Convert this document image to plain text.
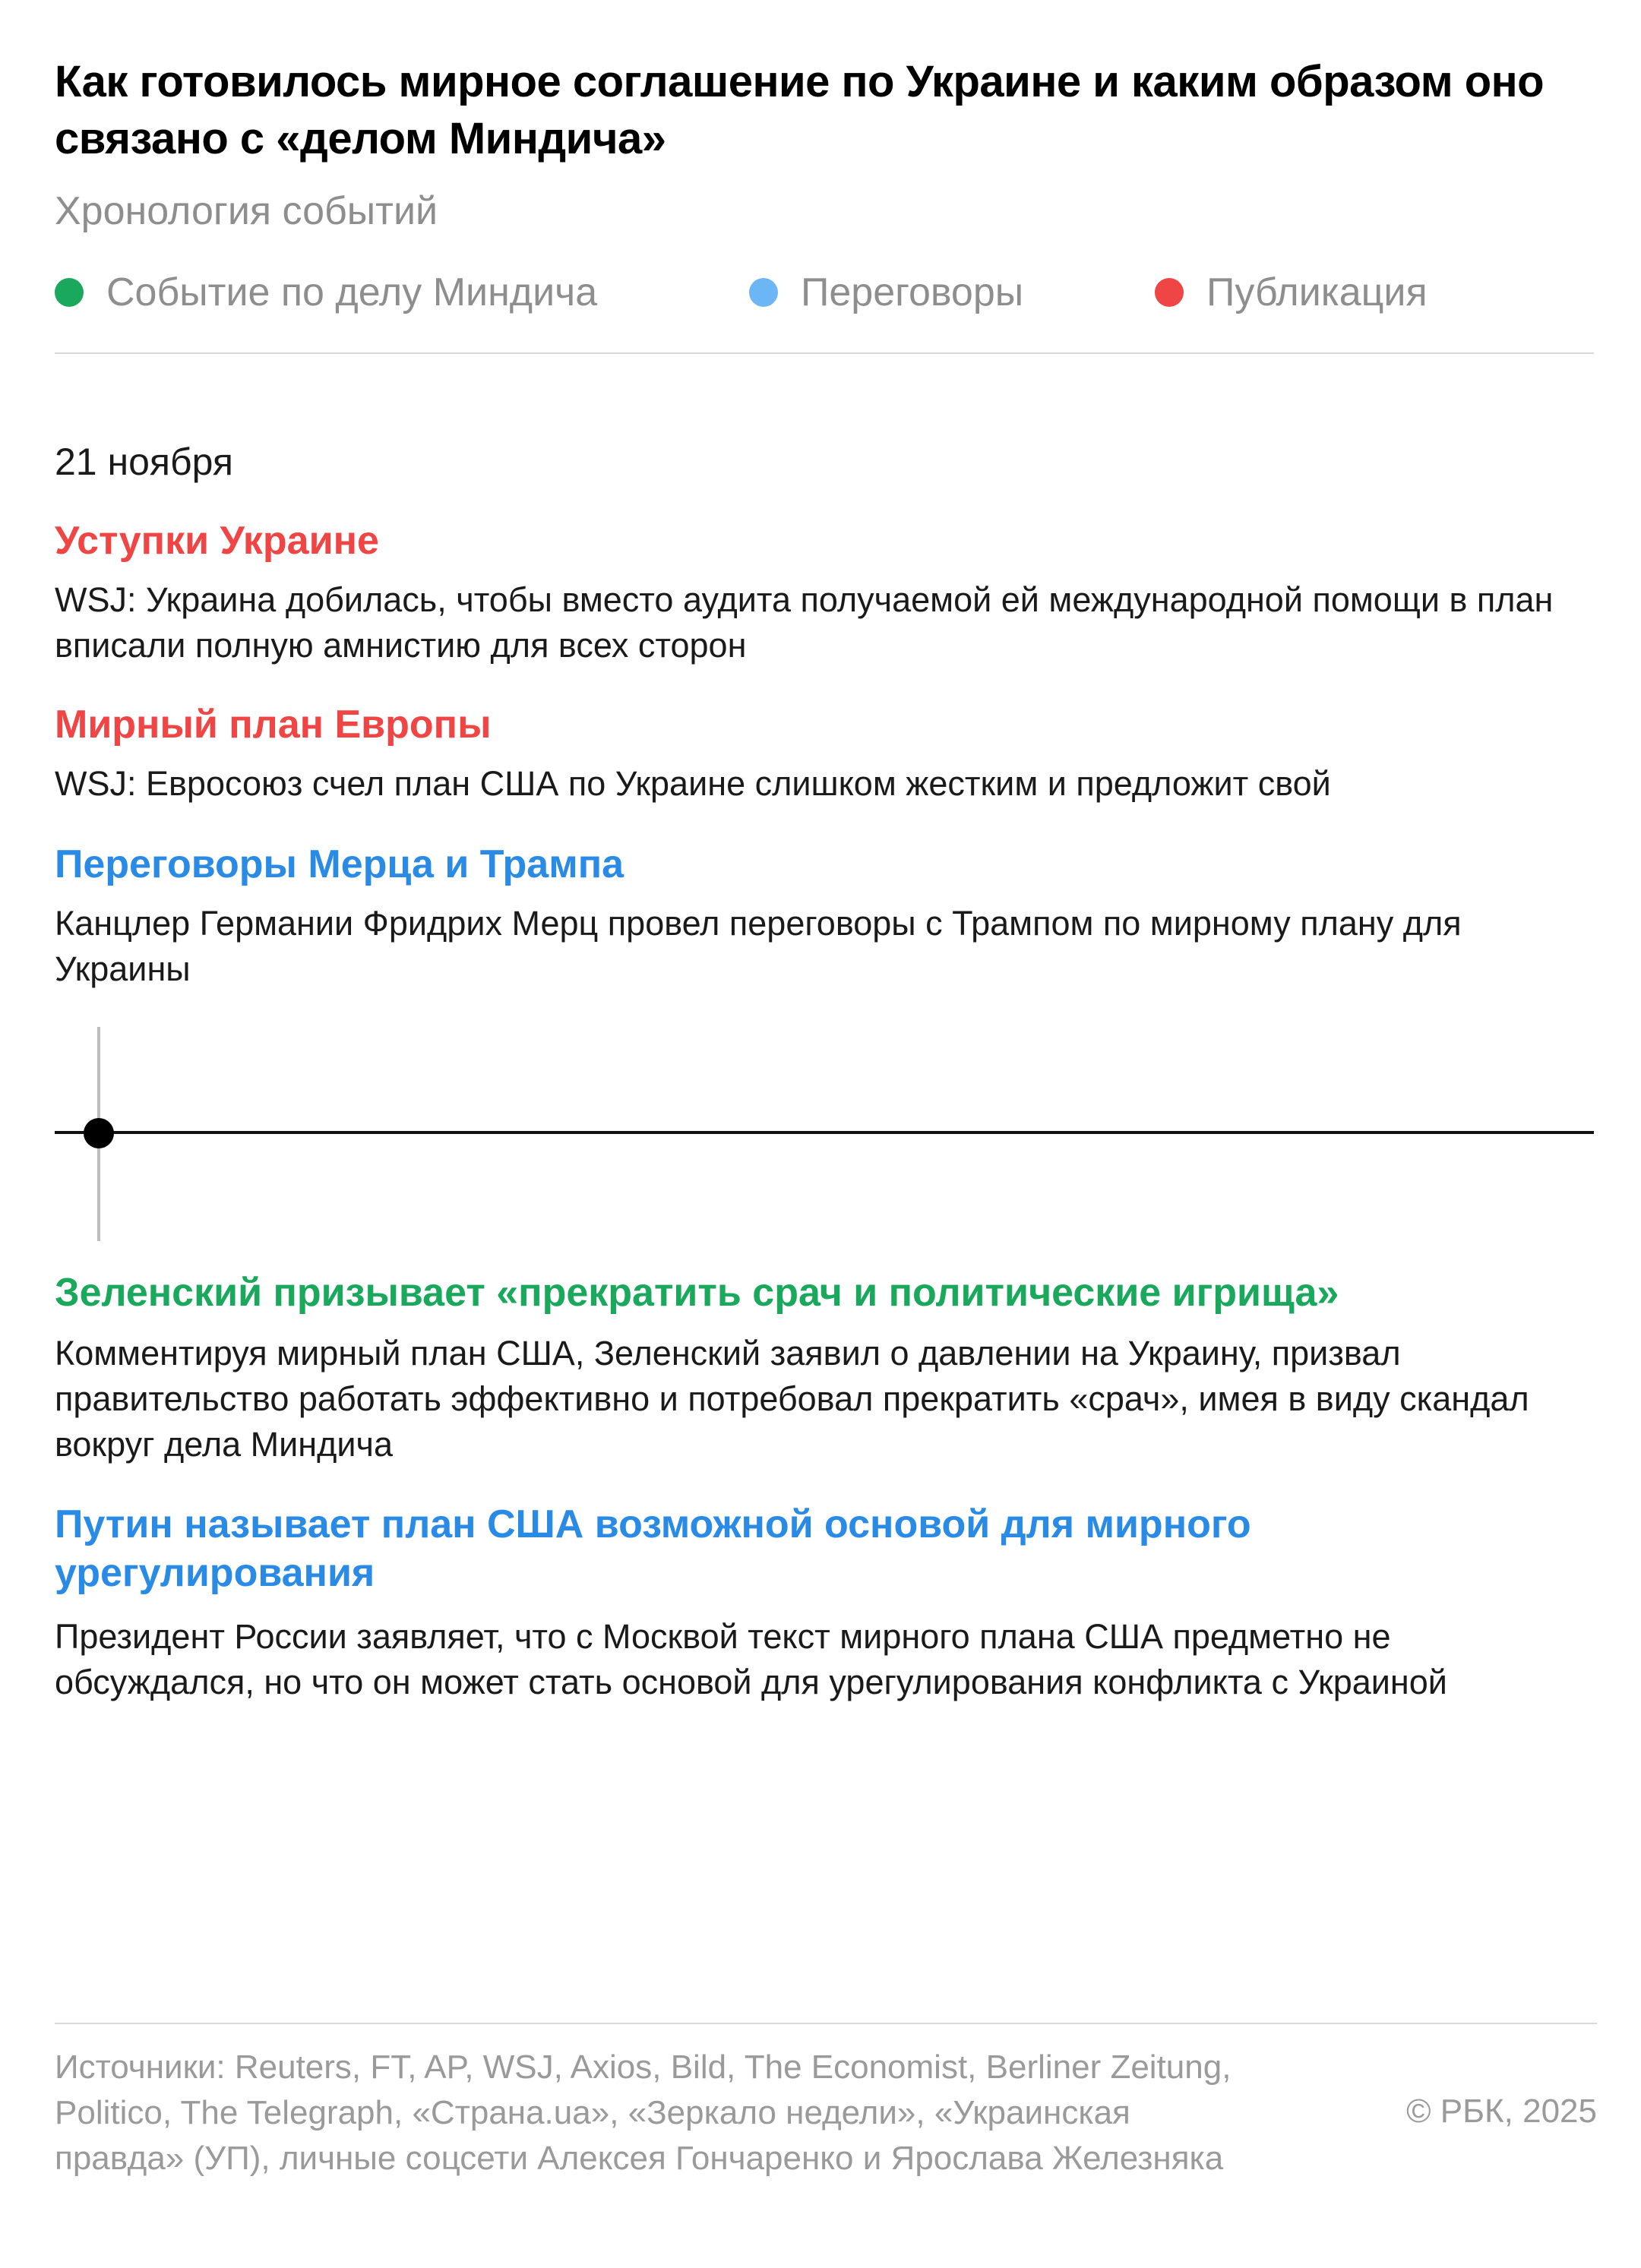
Как готовилось мирное соглашение по Украине и каким образом оно связано с «делом Миндича»
Хронология событий
Событие по делу Миндича	Переговоры	Публикация
21 ноября
Уступки Украине

WSJ: Украина добилась, чтобы вместо аудита получаемой ей международной помощи в план вписали полную амнистию для всех сторон

Мирный план Европы

WSJ: Евросоюз счел план США по Украине слишком жестким и предложит свой

Переговоры Мерца и Трампа

Канцлер Германии Фридрих Мерц провел переговоры с Трампом по мирному плану для Украины

Зеленский призывает «прекратить срач и политические игрища»

Комментируя мирный план США, Зеленский заявил о давлении на Украину, призвал правительство работать эффективно и потребовал прекратить «срач», имея в виду скандал вокруг дела Миндича

Путин называет план США возможной основой для мирного урегулирования

Президент России заявляет, что с Москвой текст мирного плана США предметно не обсуждался, но что он может стать основой для урегулирования конфликта с Украиной

Источники: Reuters, FT, AP, WSJ, Axios, Bild, The Economist, Berliner Zeitung, Politico, The Telegraph, «Страна.ua», «Зеркало недели», «Украинская правда» (УП), личные соцсети Алексея Гончаренко и Ярослава Железняка
© РБК, 2025
